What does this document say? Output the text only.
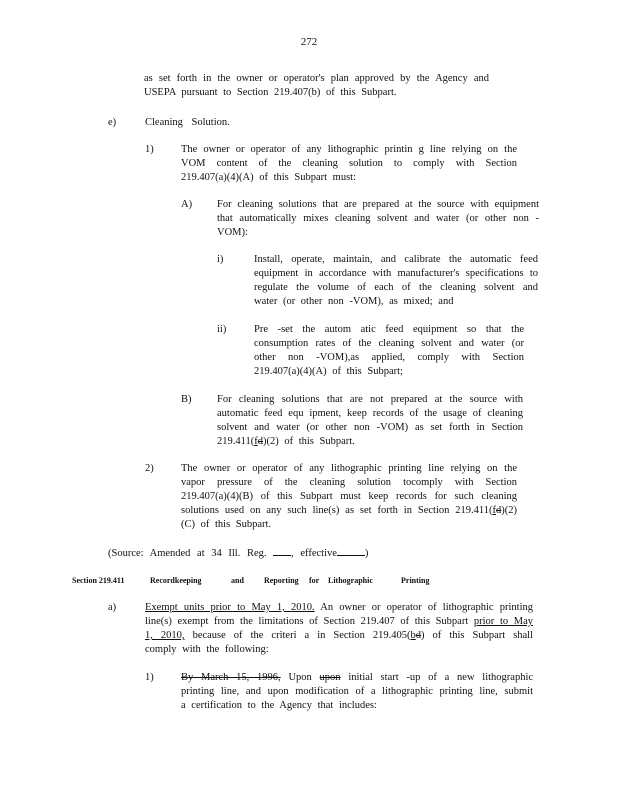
272
as set forth in the owner or operator's plan approved by the Agency and USEPA pursuant to Section 219.407(b) of this Subpart.
e)	Cleaning Solution.
1)	The owner or operator of any lithographic printin g line relying on the VOM content of the cleaning solution to comply with Section 219.407(a)(4)(A) of this Subpart must:
A) For cleaning solutions that are prepared at the source with equipment that automatically mixes cleaning solvent and water (or other non -VOM):
i)	Install, operate, maintain, and calibrate the automatic feed equipment in accordance with manufacturer's specifications to regulate the volume of each of the cleaning solvent and water (or other non -VOM), as mixed; and
ii)	Pre -set the autom atic feed equipment so that the consumption rates of the cleaning solvent and water (or other non -VOM),as applied, comply with Section 219.407(a)(4)(A) of this Subpart;
B) For cleaning solutions that are not prepared at the source with automatic feed equ ipment, keep records of the usage of cleaning solvent and water (or other non -VOM) as set forth in Section 219.411(fd)(2) of this Subpart.
2)	The owner or operator of any lithographic printing line relying on the vapor pressure of the cleaning solution tocomply with Section 219.407(a)(4)(B) of this Subpart must keep records for such cleaning solutions used on any such line(s) as set forth in Section 219.411(fd)(2)(C) of this Subpart.
(Source: Amended at 34 Ill. Reg. , effective	)
Section 219.411	Recordkeeping	and	Reporting for Lithographic	Printing
a)	Exempt units prior to May 1, 2010. An owner or operator of lithographic printing line(s) exempt from the limitations of Section 219.407 of this Subpart prior to May 1, 2010, because of the criteri a in Section 219.405(bd) of this Subpart shall comply with the following:
1)	By March 15, 1996, Upon upon initial start -up of a new lithographic printing line, and upon modification of a lithographic printing line, submit a certification to the Agency that includes:
